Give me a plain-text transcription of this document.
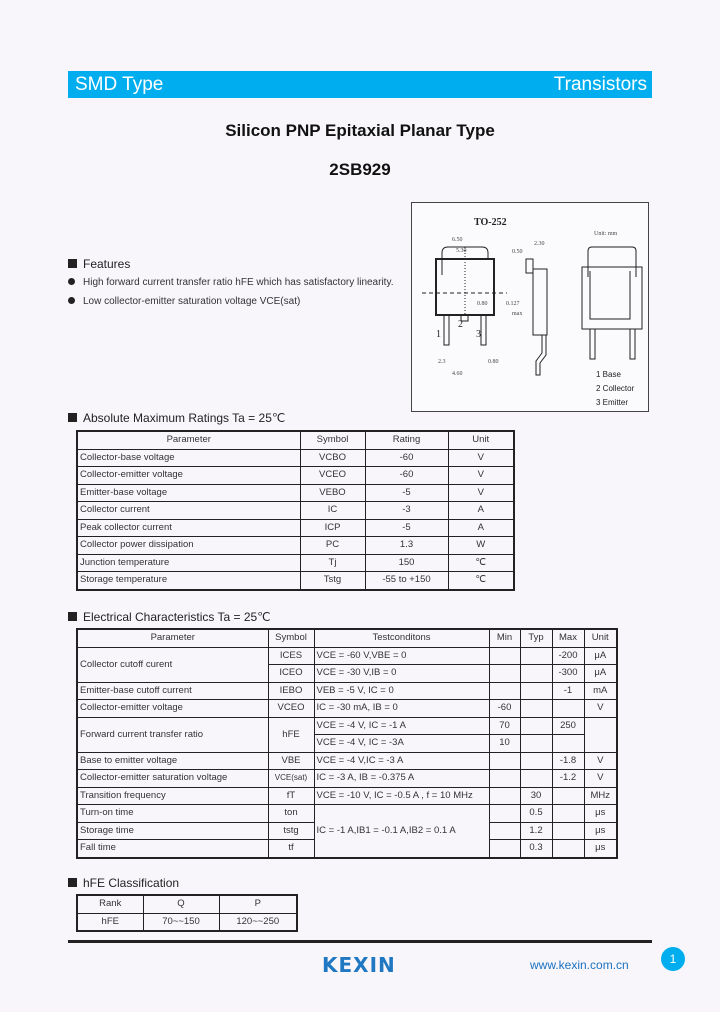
SMD Type	Transistors
Silicon PNP Epitaxial Planar Type
2SB929
Features
High forward current transfer ratio hFE which has satisfactory linearity.
Low collector-emitter saturation voltage VCE(sat)
TO-252
Unit: mm
2
1	3
6.50
5.30
2.3
4.60
0.80
0.80
2.30
0.50
0.127
max
1 Base
2 Collector
3 Emitter
Absolute Maximum Ratings Ta = 25℃
Parameter	Symbol	Rating	Unit
Collector-base voltage	VCBO	-60	V
Collector-emitter voltage	VCEO	-60	V
Emitter-base voltage	VEBO	-5	V
Collector current	IC	-3	A
Peak collector current	ICP	-5	A
Collector power dissipation	PC	1.3	W
Junction temperature	Tj	150	℃
Storage temperature	Tstg	-55 to +150	℃
Electrical Characteristics Ta = 25℃
Parameter	Symbol	Testconditons	Min	Typ	Max	Unit
Collector cutoff curent	ICES	VCE = -60 V,VBE = 0			-200	μA
	ICEO	VCE = -30 V,IB = 0			-300	μA
Emitter-base cutoff current	IEBO	VEB = -5 V, IC = 0			-1	mA
Collector-emitter voltage	VCEO	IC = -30 mA, IB = 0	-60			V
Forward current transfer ratio	hFE	VCE = -4 V, IC = -1 A	70		250	
		VCE = -4 V, IC = -3A	10			
Base to emitter voltage	VBE	VCE = -4 V,IC = -3 A			-1.8	V
Collector-emitter saturation voltage	VCE(sat)	IC = -3 A, IB = -0.375 A			-1.2	V
Transition frequency	fT	VCE = -10 V, IC = -0.5 A , f = 10 MHz		30		MHz
Turn-on time	ton	IC = -1 A,IB1 = -0.1 A,IB2 = 0.1 A		0.5		μs
Storage time	tstg			1.2		μs
Fall time	tf			0.3		μs
hFE Classification
Rank	Q	P
hFE	70~~150	120~~250
KEXIN	www.kexin.com.cn	1
